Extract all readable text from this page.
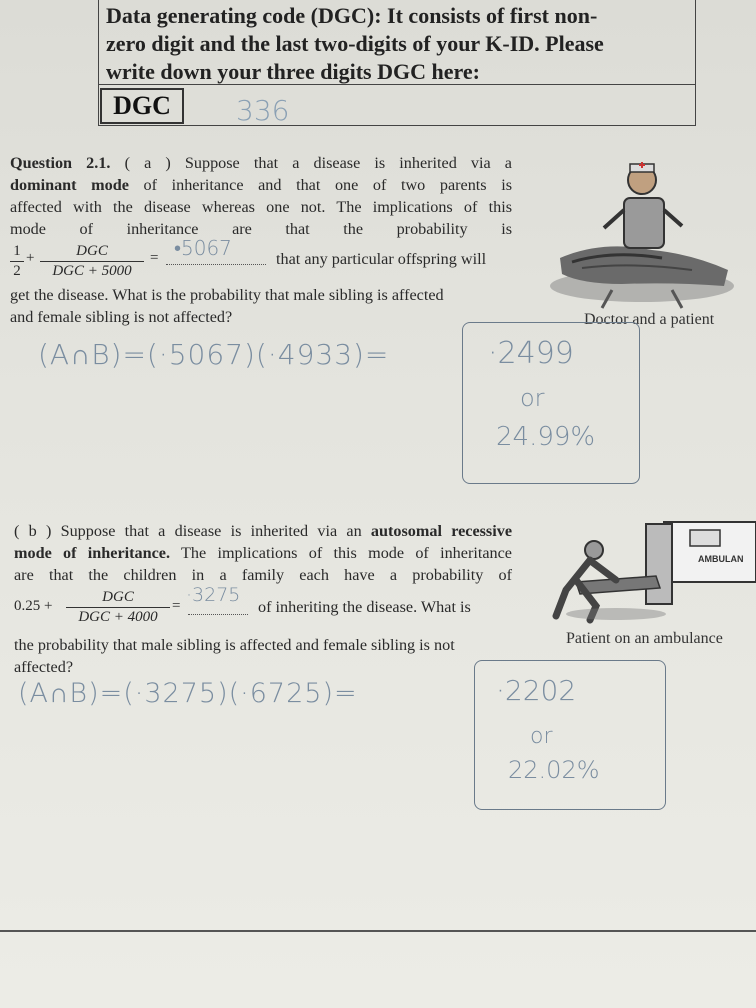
Data generating code (DGC): It consists of first non-
zero digit and the last two-digits of your K-ID. Please
write down your three digits DGC here:
DGC	336
Question 2.1. ( a ) Suppose that a disease is inherited via a
dominant mode of inheritance and that one of two parents is
affected with the disease whereas one not. The implications of this
mode of inheritance are that the probability is
$\frac{1}{2}$ +	DGC
DGC + 5000
= •5067	that any particular offspring will
get the disease. What is the probability that male sibling is affected
and female sibling is not affected?	Doctor and a patient
(A∩B)=(·5067)(·4933)=	·2499
or
24.99%
( b ) Suppose that a disease is inherited via an autosomal recessive
mode of inheritance. The implications of this mode of inheritance
are that the children in a family each have a probability of
0.25 +
DGC
DGC + 4000
= ·3275
of inheriting the disease. What is
the probability that male sibling is affected and female sibling is not
affected?
AMBULAN
Patient on an ambulance
(A∩B)=(·3275)(·6725)=	·2202
or
22.02%
